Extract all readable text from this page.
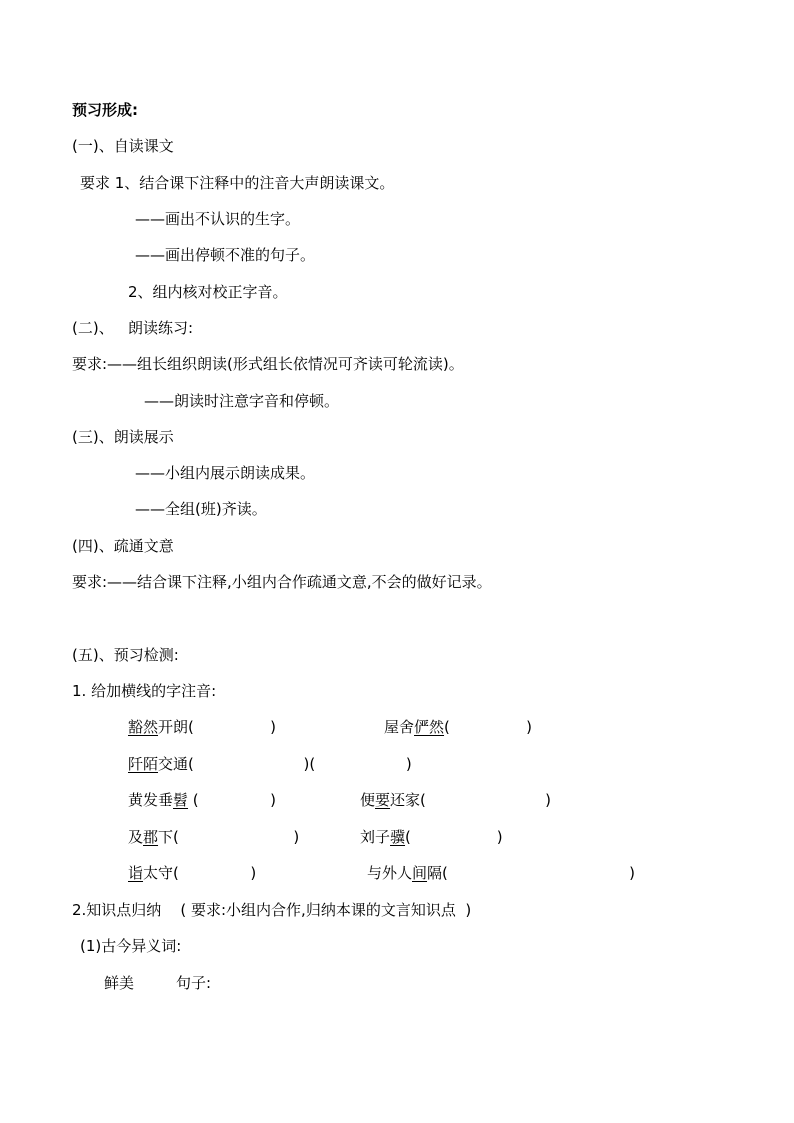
预习形成:
(一)、自读课文
要求 1、结合课下注释中的注音大声朗读课文。
——画出不认识的生字。
——画出停顿不准的句子。
2、组内核对校正字音。
(二)、   朗读练习:
要求:——组长组织朗读(形式组长依情况可齐读可轮流读)。
——朗读时注意字音和停顿。
(三)、朗读展示
——小组内展示朗读成果。
——全组(班)齐读。
(四)、疏通文意
要求:——结合课下注释,小组内合作疏通文意,不会的做好记录。
(五)、预习检测:
1. 给加横线的字注音:
豁然开朗(                )	屋舍俨然(                )
阡陌交通(                       )(                   )
黄发垂髫 (               )	便要还家(                         )
及郡下(                        )	刘子骥(                  )
诣太守(               )	与外人间隔(                                      )
2.知识点归纳    ( 要求:小组内合作,归纳本课的文言知识点  )
(1)古今异义词:
鲜美	句子:
